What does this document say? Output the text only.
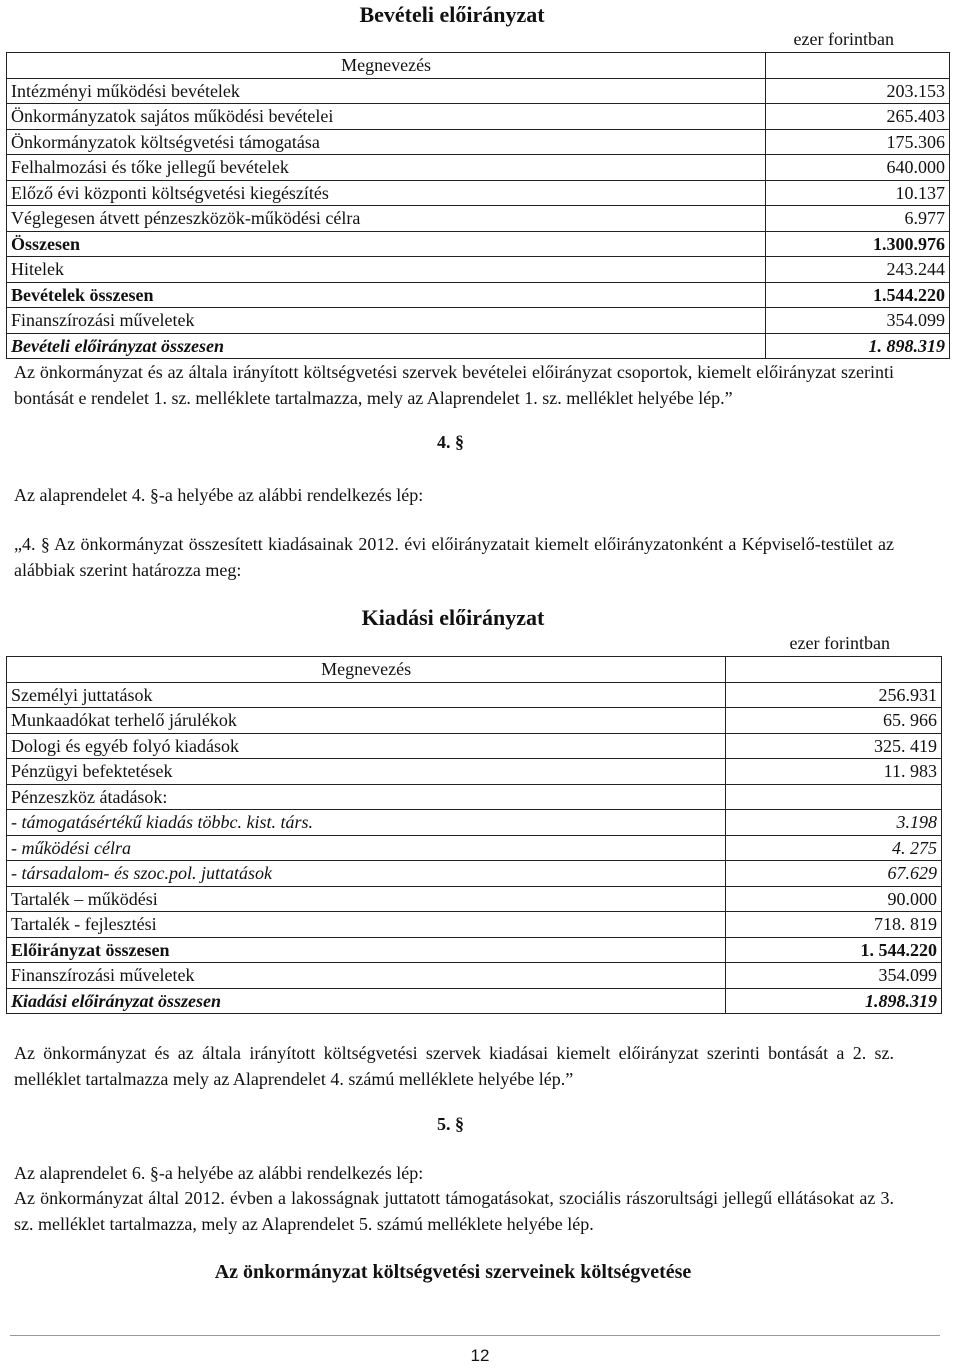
Bevételi előirányzat
ezer forintban
Megnevezés	
Intézményi működési bevételek	203.153
Önkormányzatok sajátos működési bevételei	265.403
Önkormányzatok költségvetési támogatása	175.306
Felhalmozási és tőke jellegű bevételek	640.000
Előző évi központi költségvetési kiegészítés	10.137
Véglegesen átvett pénzeszközök-működési célra	6.977
Összesen	1.300.976
Hitelek	243.244
Bevételek összesen	1.544.220
Finanszírozási műveletek	354.099
Bevételi előirányzat összesen	1. 898.319
Az önkormányzat és az általa irányított költségvetési szervek bevételei előirányzat csoportok, kiemelt előirányzat szerinti bontását e rendelet 1. sz. melléklete tartalmazza, mely az Alaprendelet 1. sz. melléklet helyébe lép.”
4. §
Az alaprendelet 4. §-a helyébe az alábbi rendelkezés lép:
„4. § Az önkormányzat összesített kiadásainak 2012. évi előirányzatait kiemelt előirányzatonként a Képviselő-testület az alábbiak szerint határozza meg:
Kiadási előirányzat
ezer forintban
Megnevezés	
Személyi juttatások	256.931
Munkaadókat terhelő járulékok	65. 966
Dologi és egyéb folyó kiadások	325. 419
Pénzügyi befektetések	11. 983
Pénzeszköz átadások:	
- támogatásértékű kiadás többc. kist. társ.	3.198
- működési célra	4. 275
- társadalom- és szoc.pol. juttatások	67.629
Tartalék – működési	90.000
Tartalék - fejlesztési	718. 819
Előirányzat összesen	1. 544.220
Finanszírozási műveletek	354.099
Kiadási előirányzat összesen	1.898.319
Az önkormányzat és az általa irányított költségvetési szervek kiadásai kiemelt előirányzat szerinti bontását a 2. sz. melléklet tartalmazza mely az Alaprendelet 4. számú melléklete helyébe lép.”
5. §
Az alaprendelet 6. §-a helyébe az alábbi rendelkezés lép:
Az önkormányzat által 2012. évben a lakosságnak juttatott támogatásokat, szociális rászorultsági jellegű ellátásokat az 3. sz. melléklet tartalmazza, mely az Alaprendelet 5. számú melléklete helyébe lép.
Az önkormányzat költségvetési szerveinek költségvetése
12
